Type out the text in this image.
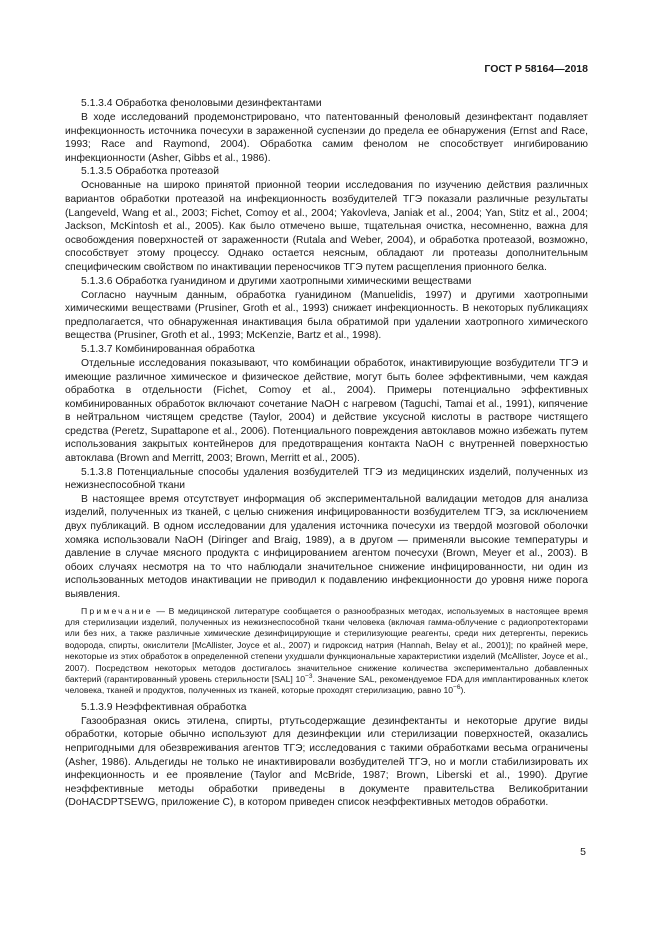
ГОСТ Р 58164—2018

5.1.3.4 Обработка феноловыми дезинфектантами

В ходе исследований продемонстрировано, что патентованный феноловый дезинфектант подавляет инфекционность источника почесухи в зараженной суспензии до предела ее обнаружения (Ernst and Race, 1993; Race and Raymond, 2004). Обработка самим фенолом не способствует ингибированию инфекционности (Asher, Gibbs et al., 1986).

5.1.3.5 Обработка протеазой

Основанные на широко принятой прионной теории исследования по изучению действия различных вариантов обработки протеазой на инфекционность возбудителей ТГЭ показали различные результаты (Langeveld, Wang et al., 2003; Fichet, Comoy et al., 2004; Yakovleva, Janiak et al., 2004; Yan, Stitz et al., 2004; Jackson, McKintosh et al., 2005). Как было отмечено выше, тщательная очистка, несомненно, важна для освобождения поверхностей от зараженности (Rutala and Weber, 2004), и обработка протеазой, возможно, способствует этому процессу. Однако остается неясным, обладают ли протеазы дополнительным специфическим свойством по инактивации переносчиков ТГЭ путем расщепления прионного белка.

5.1.3.6 Обработка гуанидином и другими хаотропными химическими веществами

Согласно научным данным, обработка гуанидином (Manuelidis, 1997) и другими хаотропными химическими веществами (Prusiner, Groth et al., 1993) снижает инфекционность. В некоторых публикациях предполагается, что обнаруженная инактивация была обратимой при удалении хаотропного химического вещества (Prusiner, Groth et al., 1993; McKenzie, Bartz et al., 1998).

5.1.3.7 Комбинированная обработка

Отдельные исследования показывают, что комбинации обработок, инактивирующие возбудители ТГЭ и имеющие различное химическое и физическое действие, могут быть более эффективными, чем каждая обработка в отдельности (Fichet, Comoy et al., 2004). Примеры потенциально эффективных комбинированных обработок включают сочетание NaOH с нагревом (Taguchi, Tamai et al., 1991), кипячение в нейтральном чистящем средстве (Taylor, 2004) и действие уксусной кислоты в растворе чистящего средства (Peretz, Supattapone et al., 2006). Потенциального повреждения автоклавов можно избежать путем использования закрытых контейнеров для предотвращения контакта NaOH с внутренней поверхностью автоклава (Brown and Merritt, 2003; Brown, Merritt et al., 2005).

5.1.3.8 Потенциальные способы удаления возбудителей ТГЭ из медицинских изделий, полученных из нежизнеспособной ткани

В настоящее время отсутствует информация об экспериментальной валидации методов для анализа изделий, полученных из тканей, с целью снижения инфицированности возбудителем ТГЭ, за исключением двух публикаций. В одном исследовании для удаления источника почесухи из твердой мозговой оболочки хомяка использовали NaOH (Diringer and Braig, 1989), а в другом — применяли высокие температуры и давление в случае мясного продукта с инфицированием агентом почесухи (Brown, Meyer et al., 2003). В обоих случаях несмотря на то что наблюдали значительное снижение инфицированности, ни один из использованных методов инактивации не приводил к подавлению инфекционности до уровня ниже порога выявления.

Примечание — В медицинской литературе сообщается о разнообразных методах, используемых в настоящее время для стерилизации изделий, полученных из нежизнеспособной ткани человека (включая гамма-облучение с радиопротекторами или без них, а также различные химические дезинфицирующие и стерилизующие реагенты, среди них детергенты, перекись водорода, спирты, окислители [McAllister, Joyce et al., 2007) и гидроксид натрия (Hannah, Belay et al., 2001)]; по крайней мере, некоторые из этих обработок в определенной степени ухудшали функциональные характеристики изделий (McAllister, Joyce et al., 2007). Посредством некоторых методов достигалось значительное снижение количества экспериментально добавленных бактерий (гарантированный уровень стерильности [SAL] $10^{-3}$. Значение SAL, рекомендуемое FDA для имплантированных клеток человека, тканей и продуктов, полученных из тканей, которые проходят стерилизацию, равно $10^{-6}$).

5.1.3.9 Неэффективная обработка

Газообразная окись этилена, спирты, ртутьсодержащие дезинфектанты и некоторые другие виды обработки, которые обычно используют для дезинфекции или стерилизации поверхностей, оказались непригодными для обезвреживания агентов ТГЭ; исследования с такими обработками весьма ограничены (Asher, 1986). Альдегиды не только не инактивировали возбудителей ТГЭ, но и могли стабилизировать их инфекционность и ее проявление (Taylor and McBride, 1987; Brown, Liberski et al., 1990). Другие неэффективные методы обработки приведены в документе правительства Великобритании (DoHACDPTSEWG, приложение C), в котором приведен список неэффективных методов обработки.

5
